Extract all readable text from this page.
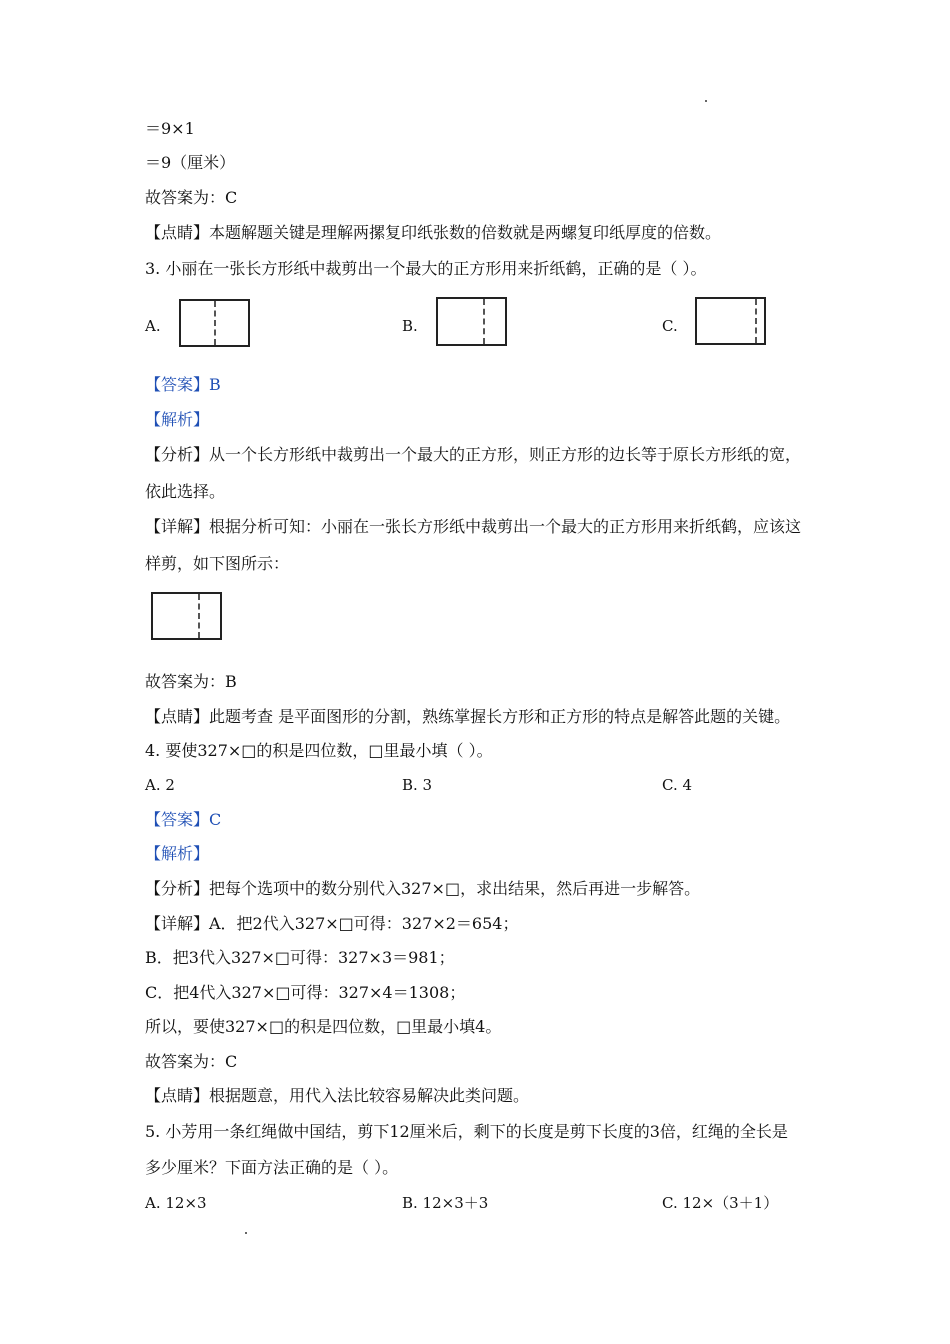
＝9×1
＝9（厘米）
故答案为：C
【点睛】本题解题关键是理解两摞复印纸张数的倍数就是两螺复印纸厚度的倍数。
3. 小丽在一张长方形纸中裁剪出一个最大的正方形用来折纸鹤，正确的是（ ）。
A.	B.	C.
【答案】B
【解析】
【分析】从一个长方形纸中裁剪出一个最大的正方形，则正方形的边长等于原长方形纸的宽，
依此选择。
【详解】根据分析可知：小丽在一张长方形纸中裁剪出一个最大的正方形用来折纸鹤，应该这
样剪，如下图所示：
故答案为：B
【点睛】此题考查 是平面图形的分割，熟练掌握长方形和正方形的特点是解答此题的关键。
4. 要使327×□的积是四位数，□里最小填（ ）。
A. 2	B. 3	C. 4
【答案】C
【解析】
【分析】把每个选项中的数分别代入327×□，求出结果，然后再进一步解答。
【详解】A．把2代入327×□可得：327×2＝654；
B．把3代入327×□可得：327×3＝981；
C．把4代入327×□可得：327×4＝1308；
所以，要使327×□的积是四位数，□里最小填4。
故答案为：C
【点睛】根据题意，用代入法比较容易解决此类问题。
5. 小芳用一条红绳做中国结，剪下12厘米后，剩下的长度是剪下长度的3倍，红绳的全长是
多少厘米？下面方法正确的是（ ）。
A. 12×3	B. 12×3＋3	C. 12×（3＋1）
